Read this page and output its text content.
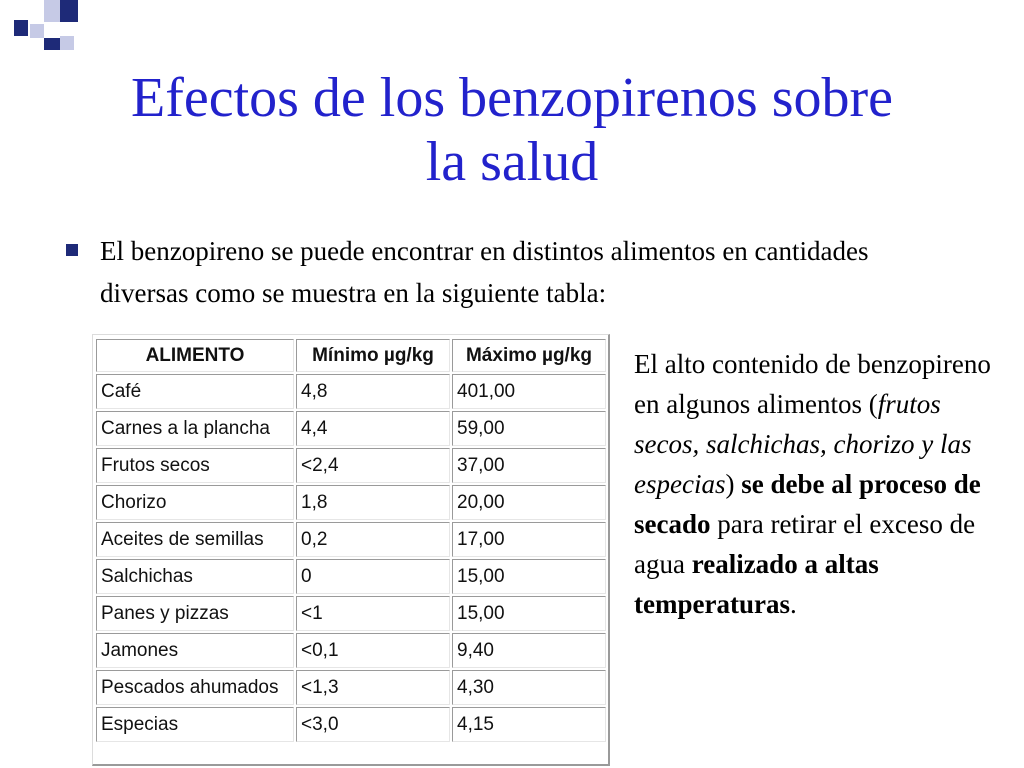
Efectos de los benzopirenos sobre
la salud
El benzopireno se puede encontrar en distintos alimentos en cantidades diversas como se muestra en la siguiente tabla:
ALIMENTO	Mínimo µg/kg	Máximo µg/kg
Café	4,8	401,00
Carnes a la plancha	4,4	59,00
Frutos secos	<2,4	37,00
Chorizo	1,8	20,00
Aceites de semillas	0,2	17,00
Salchichas	0	15,00
Panes y pizzas	<1	15,00
Jamones	<0,1	9,40
Pescados ahumados	<1,3	4,30
Especias	<3,0	4,15
El alto contenido de benzopireno en algunos alimentos (frutos secos, salchichas, chorizo y las especias) se debe al proceso de secado para retirar el exceso de agua realizado a altas temperaturas.
